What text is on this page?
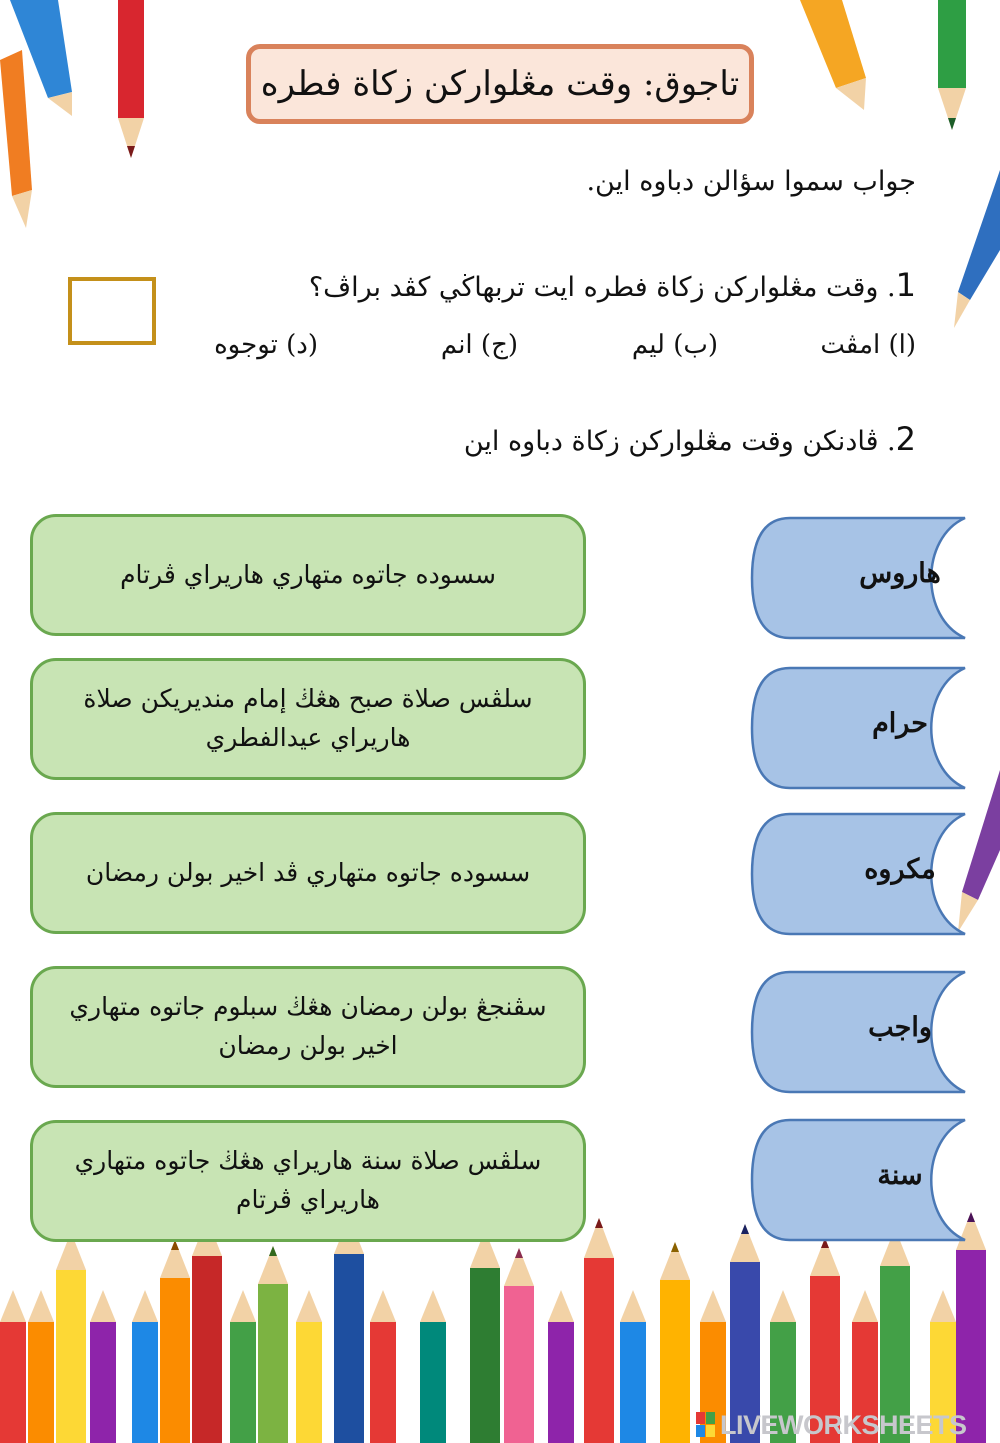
تاجوق: وقت مڠلواركن زكاة فطره
جواب سموا سؤالن دباوه اين.
1. وقت مڠلواركن زكاة فطره ايت تربهاڬي كڤد براڤ؟
(ا) امڤت
(ب) ليم
(ج) انم
(د) توجوه
2. ڤادنكن وقت مڠلواركن زكاة دباوه اين
سسوده جاتوه متهاري هاريراي ڤرتام
سلڤس صلاة صبح هڠڬ إمام منديريكن صلاة هاريراي عيدالفطري
سسوده جاتوه متهاري ڤد اخير بولن رمضان
سڤنجڠ بولن رمضان هڠڬ سبلوم جاتوه متهاري اخير بولن رمضان
سلڤس صلاة سنة هاريراي هڠڬ جاتوه متهاري هاريراي ڤرتام
هاروس
حرام
مكروه
واجب
سنة
LIVEWORKSHEETS
